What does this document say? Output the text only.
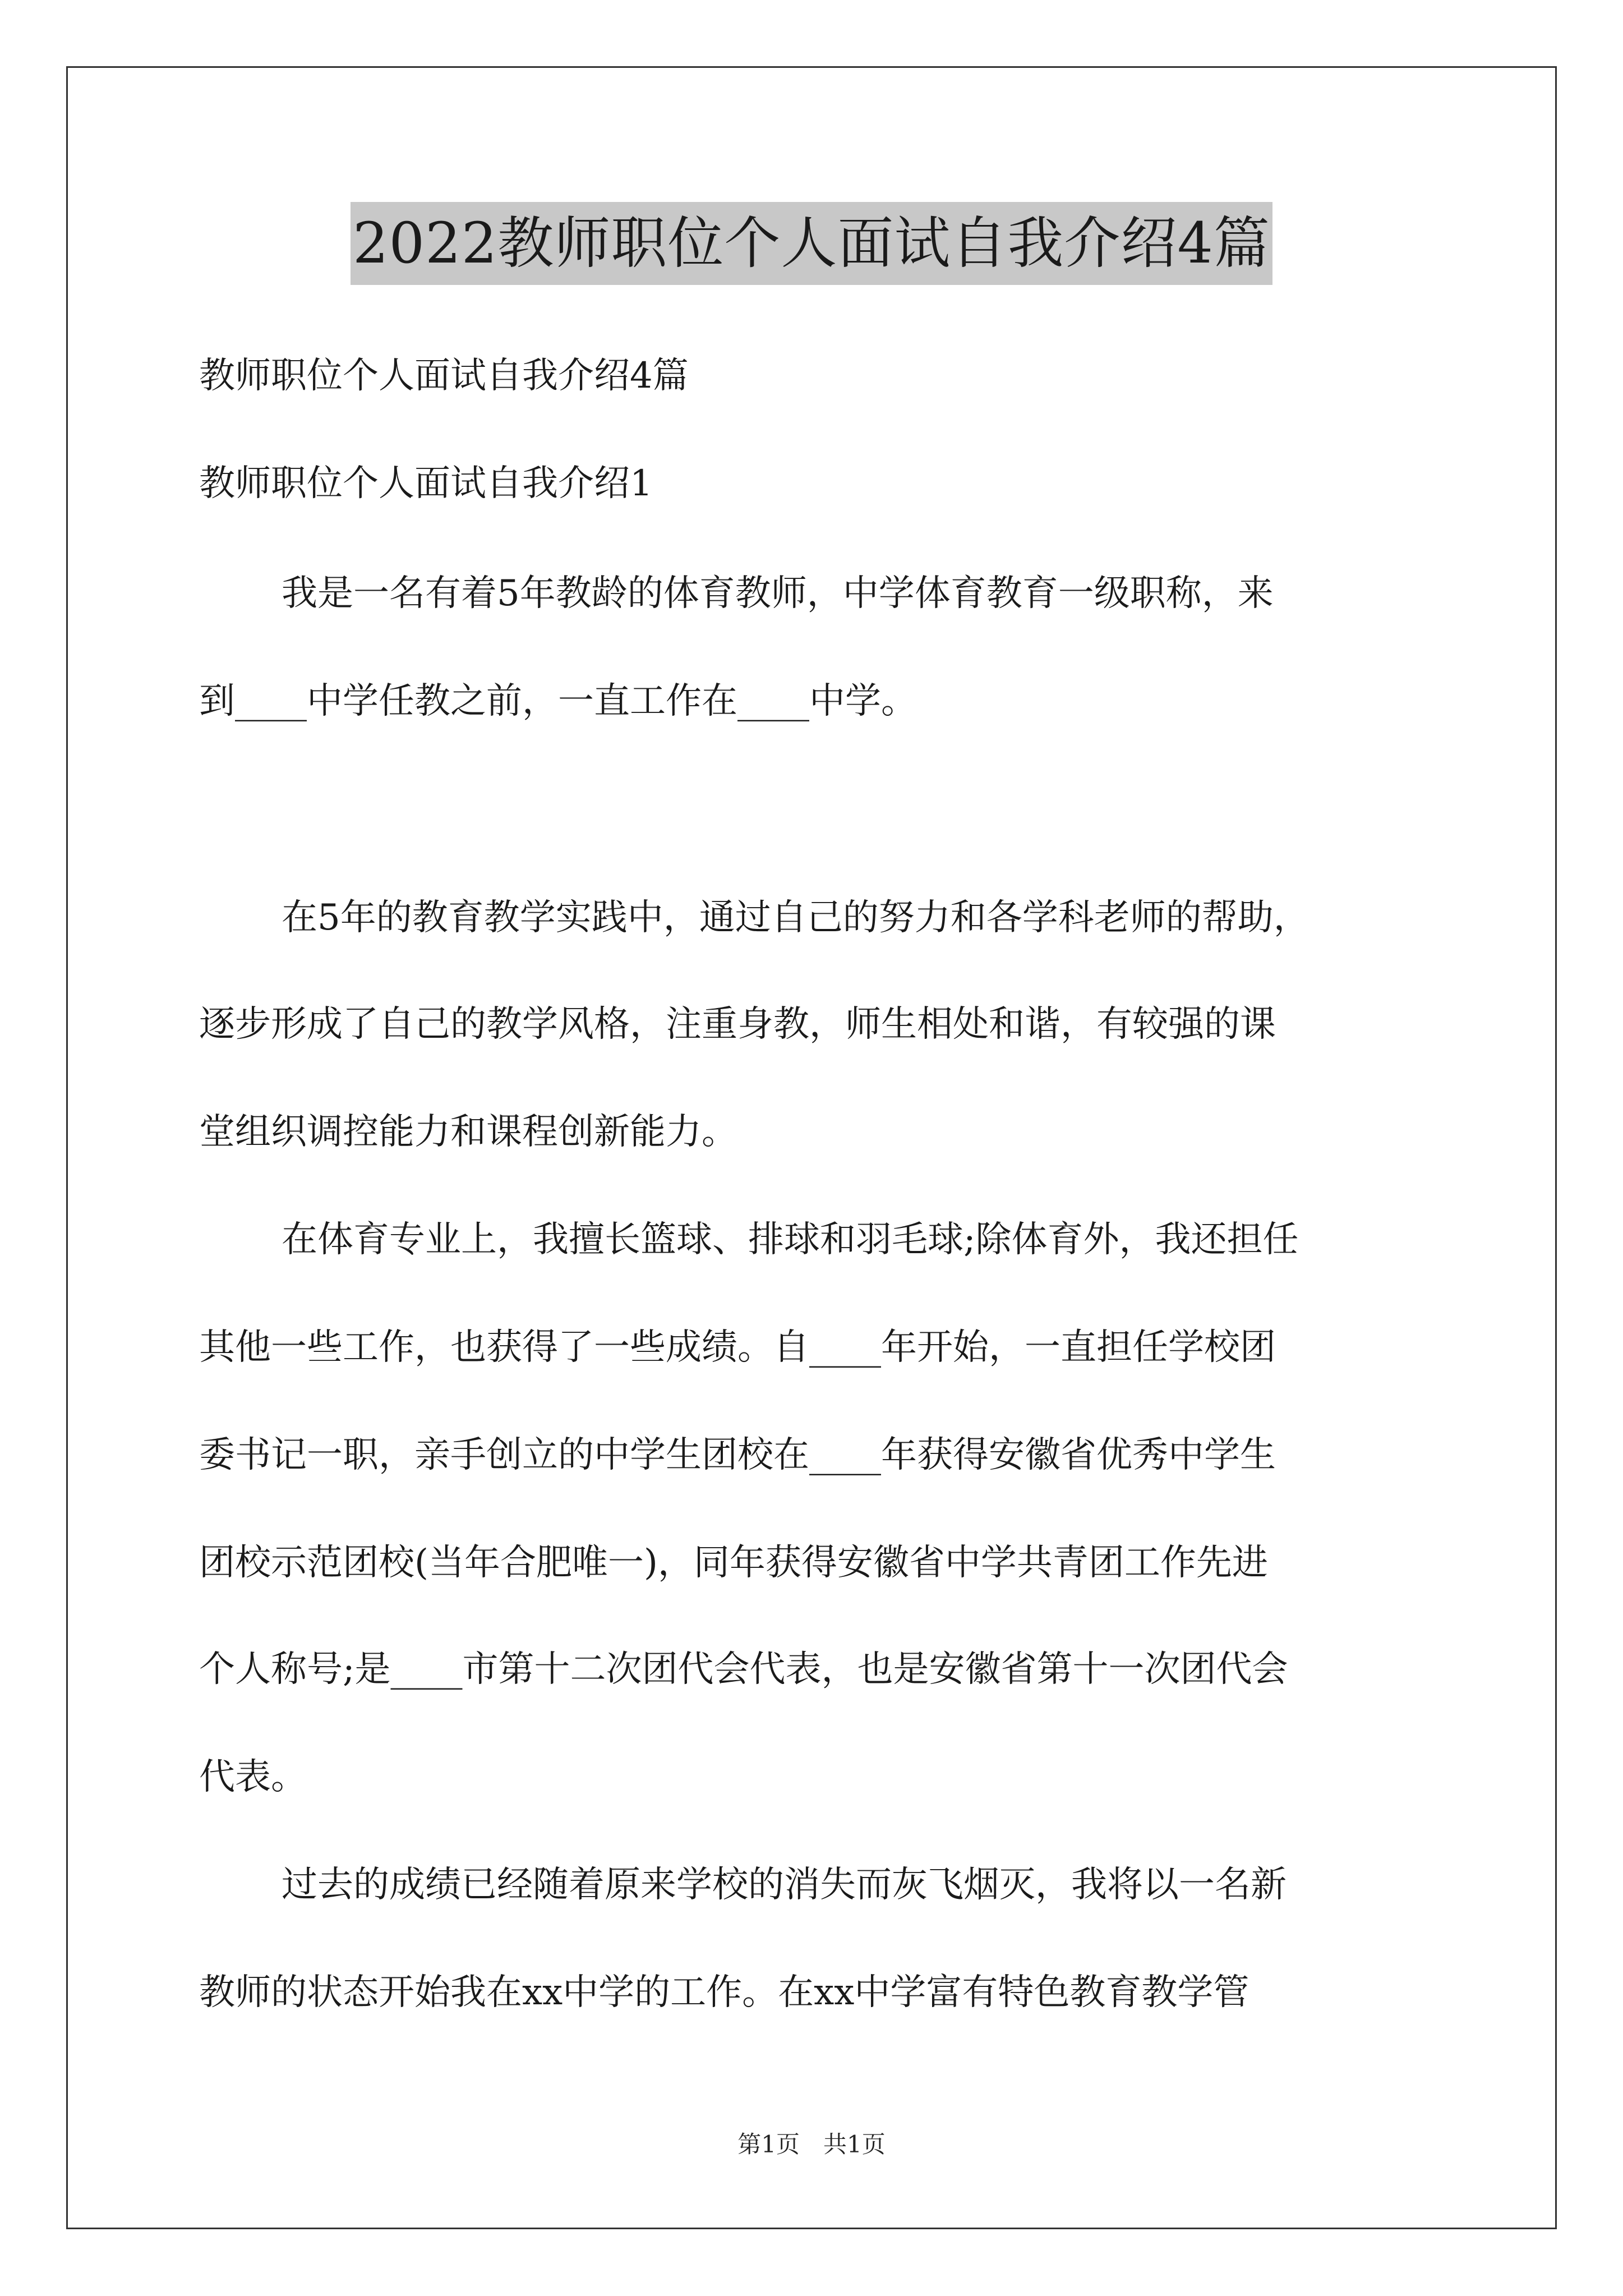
2022教师职位个人面试自我介绍4篇
教师职位个人面试自我介绍4篇
教师职位个人面试自我介绍1
我是一名有着5年教龄的体育教师，中学体育教育一级职称，来
到____中学任教之前，一直工作在____中学。
在5年的教育教学实践中，通过自己的努力和各学科老师的帮助，
逐步形成了自己的教学风格，注重身教，师生相处和谐，有较强的课
堂组织调控能力和课程创新能力。
在体育专业上，我擅长篮球、排球和羽毛球;除体育外，我还担任
其他一些工作，也获得了一些成绩。自____年开始，一直担任学校团
委书记一职，亲手创立的中学生团校在____年获得安徽省优秀中学生
团校示范团校(当年合肥唯一)，同年获得安徽省中学共青团工作先进
个人称号;是____市第十二次团代会代表，也是安徽省第十一次团代会
代表。
过去的成绩已经随着原来学校的消失而灰飞烟灭，我将以一名新
教师的状态开始我在xx中学的工作。在xx中学富有特色教育教学管
第1页　共1页
